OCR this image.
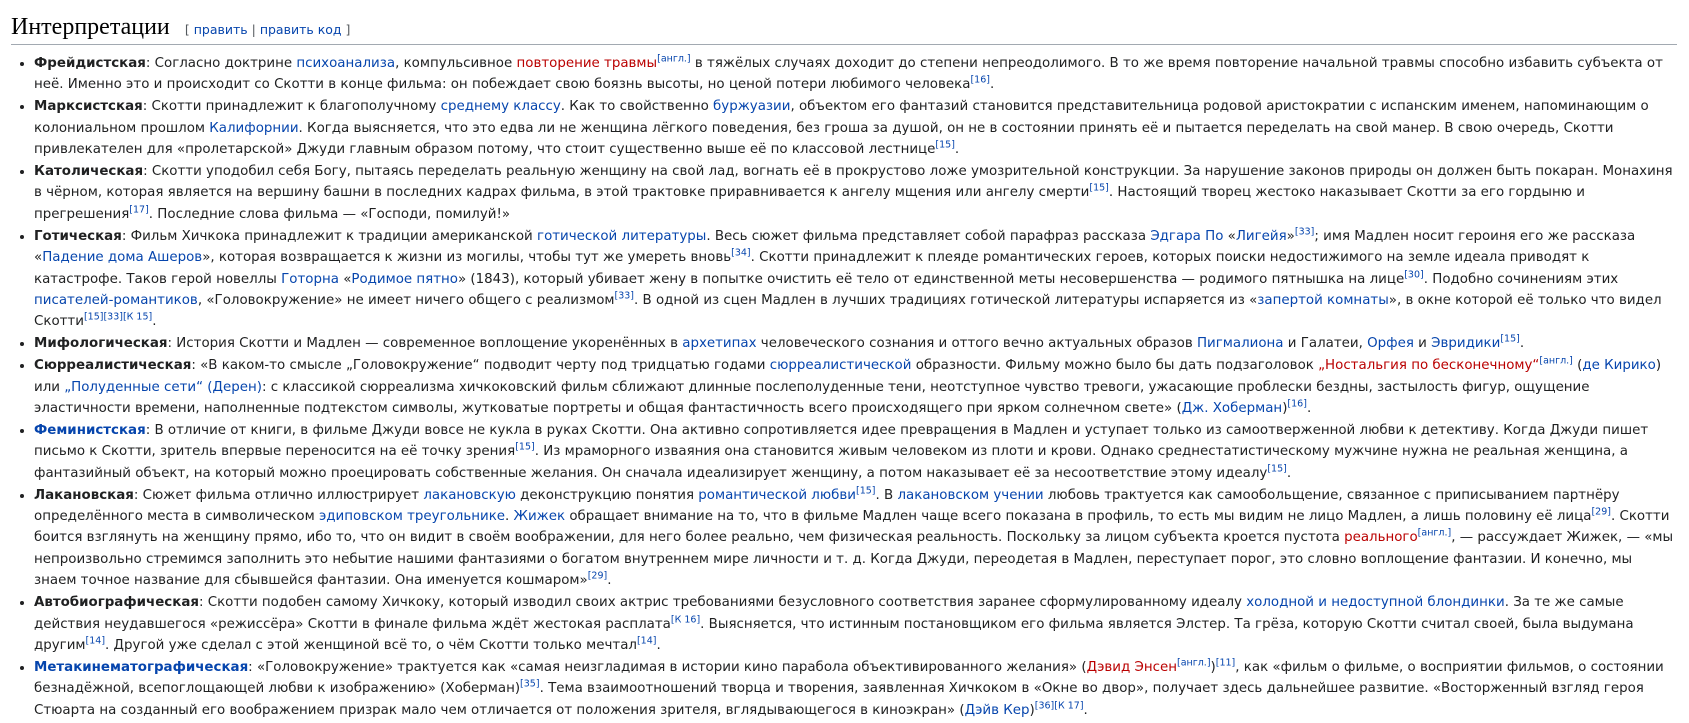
Интерпретации [ править | править код ]
• Фрейдистская: Согласно доктрине психоанализа, компульсивное повторение травмы[англ.] в тяжёлых случаях доходит до степени непреодолимого. В то же время повторение начальной травмы способно избавить субъекта от неё. Именно это и происходит со Скотти в конце фильма: он побеждает свою боязнь высоты, но ценой потери любимого человека[16].
• Марксистская: Скотти принадлежит к благополучному среднему классу. Как то свойственно буржуазии, объектом его фантазий становится представительница родовой аристократии с испанским именем, напоминающим о колониальном прошлом Калифорнии. Когда выясняется, что это едва ли не женщина лёгкого поведения, без гроша за душой, он не в состоянии принять её и пытается переделать на свой манер. В свою очередь, Скотти привлекателен для «пролетарской» Джуди главным образом потому, что стоит существенно выше её по классовой лестнице[15].
• Католическая: Скотти уподобил себя Богу, пытаясь переделать реальную женщину на свой лад, вогнать её в прокрустово ложе умозрительной конструкции. За нарушение законов природы он должен быть покаран. Монахиня в чёрном, которая является на вершину башни в последних кадрах фильма, в этой трактовке приравнивается к ангелу мщения или ангелу смерти[15]. Настоящий творец жестоко наказывает Скотти за его гордыню и прегрешения[17]. Последние слова фильма — «Господи, помилуй!»
• Готическая: Фильм Хичкока принадлежит к традиции американской готической литературы. Весь сюжет фильма представляет собой парафраз рассказа Эдгара По «Лигейя»[33]; имя Мадлен носит героиня его же рассказа «Падение дома Ашеров», которая возвращается к жизни из могилы, чтобы тут же умереть вновь[34]. Скотти принадлежит к плеяде романтических героев, которых поиски недостижимого на земле идеала приводят к катастрофе. Таков герой новеллы Готорна «Родимое пятно» (1843), который убивает жену в попытке очистить её тело от единственной меты несовершенства — родимого пятнышка на лице[30]. Подобно сочинениям этих писателей-романтиков, «Головокружение» не имеет ничего общего с реализмом[33]. В одной из сцен Мадлен в лучших традициях готической литературы испаряется из «запертой комнаты», в окне которой её только что видел Скотти[15][33][К 15].
• Мифологическая: История Скотти и Мадлен — современное воплощение укоренённых в архетипах человеческого сознания и оттого вечно актуальных образов Пигмалиона и Галатеи, Орфея и Эвридики[15].
• Сюрреалистическая: «В каком-то смысле „Головокружение“ подводит черту под тридцатью годами сюрреалистической образности. Фильму можно было бы дать подзаголовок „Ностальгия по бесконечному“[англ.] (де Кирико) или „Полуденные сети“ (Дерен): с классикой сюрреализма хичкоковский фильм сближают длинные послеполуденные тени, неотступное чувство тревоги, ужасающие проблески бездны, застылость фигур, ощущение эластичности времени, наполненные подтекстом символы, жутковатые портреты и общая фантастичность всего происходящего при ярком солнечном свете» (Дж. Хоберман)[16].
• Феминистская: В отличие от книги, в фильме Джуди вовсе не кукла в руках Скотти. Она активно сопротивляется идее превращения в Мадлен и уступает только из самоотверженной любви к детективу. Когда Джуди пишет письмо к Скотти, зритель впервые переносится на её точку зрения[15]. Из мраморного изваяния она становится живым человеком из плоти и крови. Однако среднестатистическому мужчине нужна не реальная женщина, а фантазийный объект, на который можно проецировать собственные желания. Он сначала идеализирует женщину, а потом наказывает её за несоответствие этому идеалу[15].
• Лакановская: Сюжет фильма отлично иллюстрирует лакановскую деконструкцию понятия романтической любви[15]. В лакановском учении любовь трактуется как самообольщение, связанное с приписыванием партнёру определённого места в символическом эдиповском треугольнике. Жижек обращает внимание на то, что в фильме Мадлен чаще всего показана в профиль, то есть мы видим не лицо Мадлен, а лишь половину её лица[29]. Скотти боится взглянуть на женщину прямо, ибо то, что он видит в своём воображении, для него более реально, чем физическая реальность. Поскольку за лицом субъекта кроется пустота реального[англ.], — рассуждает Жижек, — «мы непроизвольно стремимся заполнить это небытие нашими фантазиями о богатом внутреннем мире личности и т. д. Когда Джуди, переодетая в Мадлен, переступает порог, это словно воплощение фантазии. И конечно, мы знаем точное название для сбывшейся фантазии. Она именуется кошмаром»[29].
• Автобиографическая: Скотти подобен самому Хичкоку, который изводил своих актрис требованиями безусловного соответствия заранее сформулированному идеалу холодной и недоступной блондинки. За те же самые действия неудавшегося «режиссёра» Скотти в финале фильма ждёт жестокая расплата[К 16]. Выясняется, что истинным постановщиком его фильма является Элстер. Та грёза, которую Скотти считал своей, была выдумана другим[14]. Другой уже сделал с этой женщиной всё то, о чём Скотти только мечтал[14].
• Метакинематографическая: «Головокружение» трактуется как «самая неизгладимая в истории кино парабола объективированного желания» (Дэвид Энсен[англ.])[11], как «фильм о фильме, о восприятии фильмов, о состоянии безнадёжной, всепоглощающей любви к изображению» (Хоберман)[35]. Тема взаимоотношений творца и творения, заявленная Хичкоком в «Окне во двор», получает здесь дальнейшее развитие. «Восторженный взгляд героя Стюарта на созданный его воображением призрак мало чем отличается от положения зрителя, вглядывающегося в киноэкран» (Дэйв Кер)[36][К 17].
